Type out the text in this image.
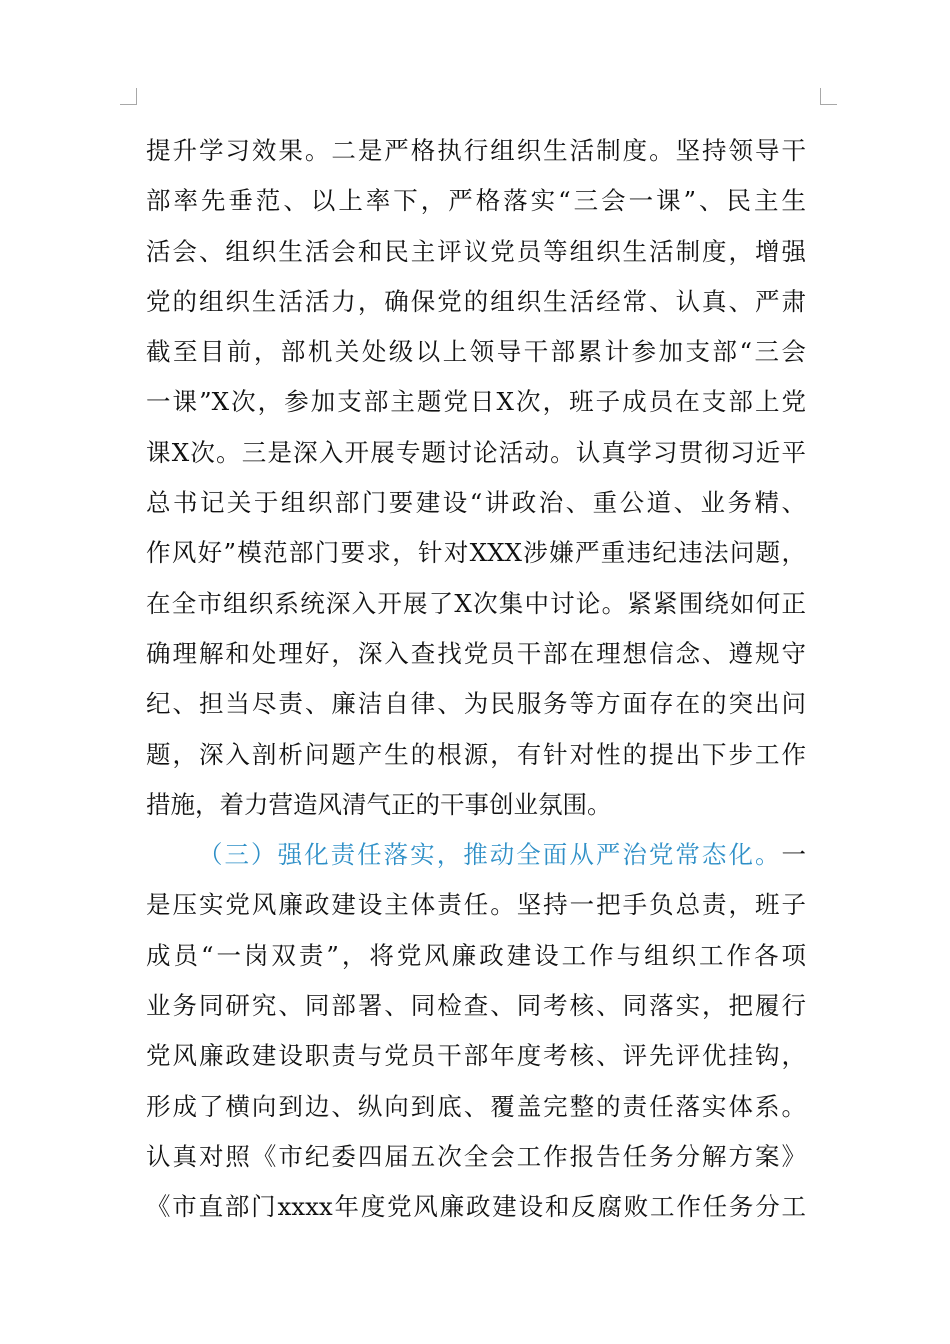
提升学习效果。二是严格执行组织生活制度。坚持领导干
部率先垂范、以上率下，严格落实“三会一课”、民主生
活会、组织生活会和民主评议党员等组织生活制度，增强
党的组织生活活力，确保党的组织生活经常、认真、严肃
截至目前，部机关处级以上领导干部累计参加支部“三会
一课”X次，参加支部主题党日X次，班子成员在支部上党
课X次。三是深入开展专题讨论活动。认真学习贯彻习近平
总书记关于组织部门要建设“讲政治、重公道、业务精、
作风好”模范部门要求，针对XXX涉嫌严重违纪违法问题，
在全市组织系统深入开展了X次集中讨论。紧紧围绕如何正
确理解和处理好，深入查找党员干部在理想信念、遵规守
纪、担当尽责、廉洁自律、为民服务等方面存在的突出问
题，深入剖析问题产生的根源，有针对性的提出下步工作
措施，着力营造风清气正的干事创业氛围。
（三）强化责任落实，推动全面从严治党常态化。一
是压实党风廉政建设主体责任。坚持一把手负总责，班子
成员“一岗双责”，将党风廉政建设工作与组织工作各项
业务同研究、同部署、同检查、同考核、同落实，把履行
党风廉政建设职责与党员干部年度考核、评先评优挂钩，
形成了横向到边、纵向到底、覆盖完整的责任落实体系。
认真对照《市纪委四届五次全会工作报告任务分解方案》
《市直部门xxxx年度党风廉政建设和反腐败工作任务分工
